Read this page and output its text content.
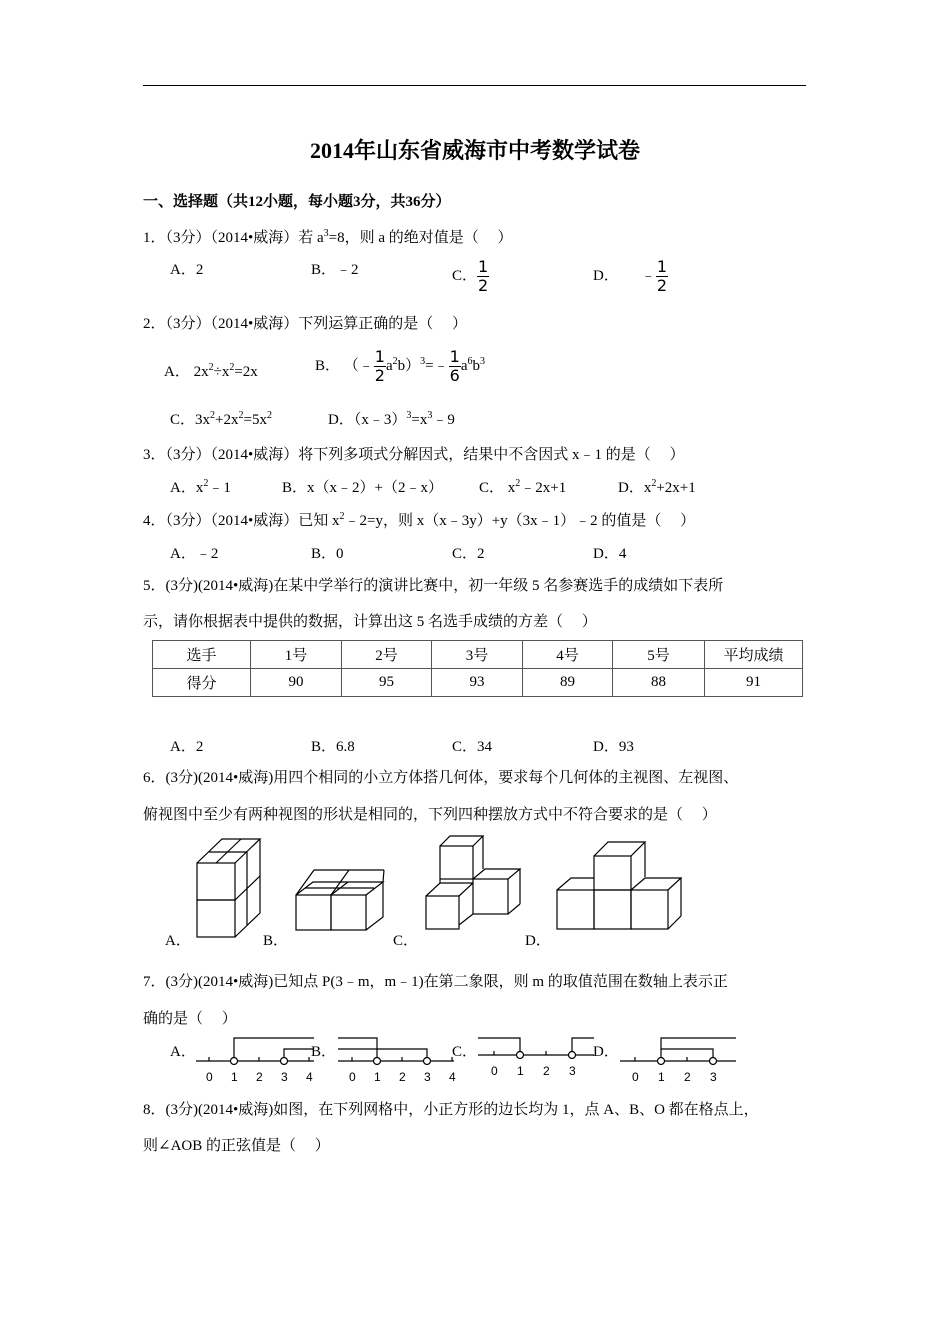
2014年山东省威海市中考数学试卷
一、选择题（共12小题，每小题3分，共36分）
1．（3分）（2014•威海）若 $a^3=8$，则 a 的绝对值是（　 ）
A．2	B．﹣2	C． $\frac{1}{2}$	D． ﹣ $\frac{1}{2}$
2．（3分）（2014•威海）下列运算正确的是（　 ）
A． $2x^2\div x^2=2x$	B． （﹣ $\frac{1}{2}$ $a^2b)^3=﹣ \frac{1}{6} a^6b^3$
C．$3x^2+2x^2=5x^2$	D．$(x﹣3)^3=x^3﹣9$
3．（3分）（2014•威海）将下列多项式分解因式，结果中不含因式 x﹣1 的是（　 ）
A．$x^2﹣1$	B．x（x﹣2）+（2﹣x） C． $x^2﹣2x+1$	D．$x^2+2x+1$
4．（3分）（2014•威海）已知 $x^2﹣2=y$，则 x（x﹣3y）+y（3x﹣1）﹣2 的值是（　 ）
A．﹣2	B．0	C．2	D．4
5．(3分)(2014•威海)在某中学举行的演讲比赛中，初一年级 5 名参赛选手的成绩如下表所
示，请你根据表中提供的数据，计算出这 5 名选手成绩的方差（　 ）
选手	1号	2号	3号	4号	5号	平均成绩
得分	90	95	93	89	88	91
A．2	B．6.8	C．34	D．93
6．(3分)(2014•威海)用四个相同的小立方体搭几何体，要求每个几何体的主视图、左视图、
俯视图中至少有两种视图的形状是相同的，下列四种摆放方式中不符合要求的是（　 ）
A．	B．	C．	D．
7．(3分)(2014•威海)已知点 P(3﹣m，m﹣1)在第二象限，则 m 的取值范围在数轴上表示正
确的是（　 ）
A．	B．	C．	D．
0 1 2 3 4	0 1 2 3 4	0 1 2 3	0 1 2 3
8．(3分)(2014•威海)如图，在下列网格中，小正方形的边长均为 1，点 A、B、O 都在格点上，
则∠AOB 的正弦值是（　 ）
